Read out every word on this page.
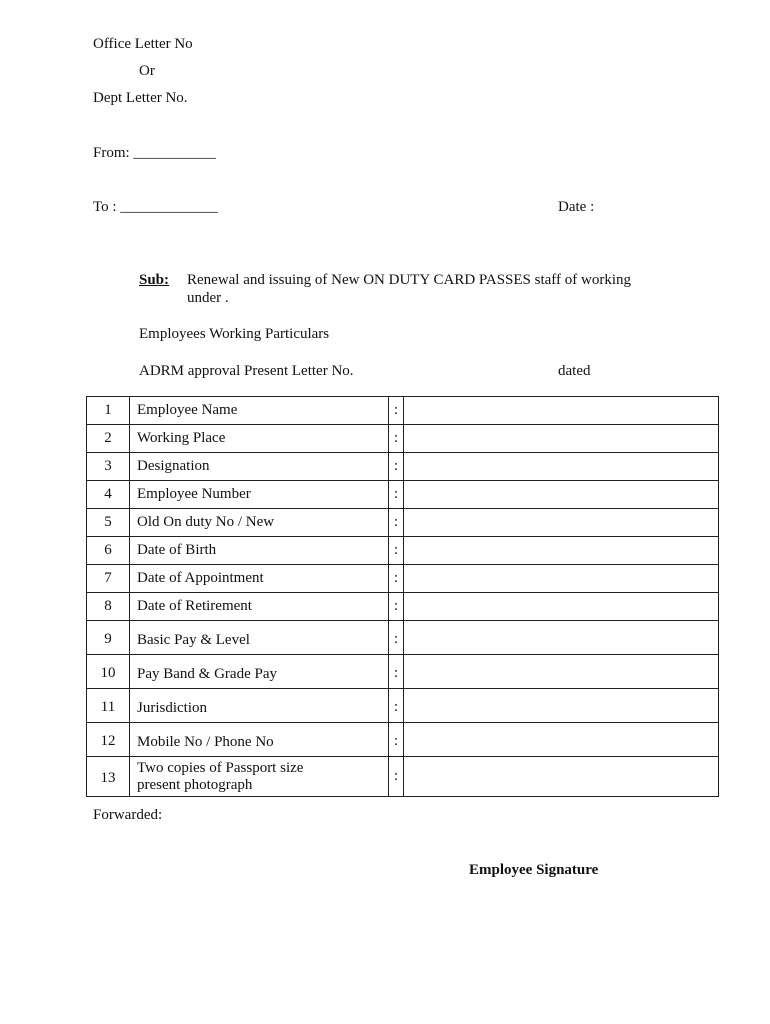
Office Letter No
Or
Dept Letter No.
From: ___________
To : _____________	Date :
Sub: Renewal and issuing of New ON DUTY CARD PASSES staff of working
under .
Employees Working Particulars
ADRM approval Present Letter No.	dated
1	Employee Name	:	
2	Working Place	:	
3	Designation	:	
4	Employee Number	:	
5	Old On duty No / New	:	
6	Date of Birth	:	
7	Date of Appointment	:	
8	Date of Retirement	:	
9	Basic Pay & Level	:	
10	Pay Band & Grade Pay	:	
11	Jurisdiction	:	
12	Mobile No / Phone No	:	
13	Two copies of Passport size
present photograph	:	
Forwarded:
Employee Signature
